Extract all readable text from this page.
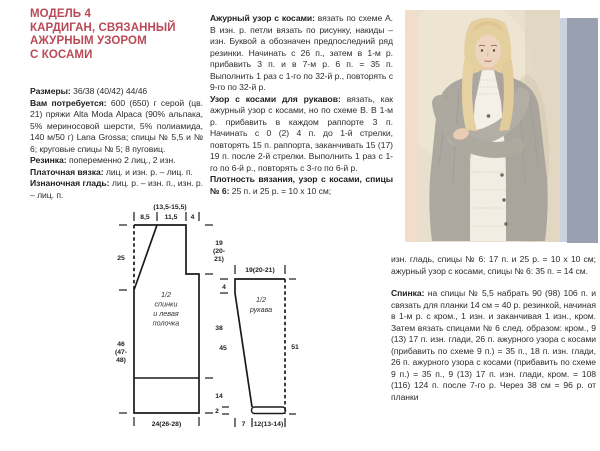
МОДЕЛЬ 4
КАРДИГАН, СВЯЗАННЫЙ
АЖУРНЫМ УЗОРОМ
С КОСАМИ

Размеры: 36/38 (40/42) 44/46

Вам потребуется: 600 (650) г серой (цв. 21) пряжи Alta Moda Alpaca (90% альпака, 5% мериносовой шерсти, 5% полиамида, 140 м/50 г) Lana Grossa; спицы № 5,5 и № 6; круговые спицы № 5; 8 пуговиц.

Резинка: попеременно 2 лиц., 2 изн.

Платочная вязка: лиц. и изн. р. – лиц. п.

Изнаночная гладь: лиц. р. – изн. п., изн. р. – лиц. п.

Ажурный узор с косами: вязать по схеме А. В изн. р. петли вязать по рисунку, накиды – изн. Буквой а обозначен предпоследний ряд резинки. Начинать с 26 п., затем в 1-м р. прибавить 3 п. и в 7-м р. 6 п. = 35 п. Выполнить 1 раз с 1-го по 32-й р., повторять с 9-го по 32-й р.

Узор с косами для рукавов: вязать, как ажурный узор с косами, но по схеме В. В 1-м р. прибавить в каждом раппорте 3 п. Начинать с 0 (2) 4 п. до 1-й стрелки, повторять 15 п. раппорта, заканчивать 15 (17) 19 п. после 2-й стрелки. Выполнить 1 раз с 1-го по 6-й р., повторять с 3-го по 6-й р.

Плотность вязания, узор с косами, спицы № 6: 25 п. и 25 р. = 10 х 10 см;

изн. гладь, спицы № 6: 17 п. и 25 р. = 10 х 10 см; ажурный узор с косами, спицы № 6: 35 п. = 14 см.

Спинка: на спицы № 5,5 набрать 90 (98) 106 п. и связать для планки 14 см = 40 р. резинкой, начиная в 1-м р. с кром., 1 изн. и заканчивая 1 изн., кром. Затем вязать спицами № 6 след. образом: кром., 9 (13) 17 п. изн. глади, 26 п. ажурного узора с косами (прибавить по схеме 9 п.) = 35 п., 18 п. изн. глади, 26 п. ажурного узора с косами (прибавить по схеме 9 п.) = 35 п., 9 (13) 17 п. изн. глади, кром. = 108 (116) 124 п. после 7-го р. Через 38 см = 96 р. от планки

(13,5-15,5)
8,5 11,5 4
25
46
(47-
48)
19
(20-
21)
38
14
24(26-28)
1/2
спинки
и левая
полочка
19(20-21)
4
45
2
51
7 12(13-14)
1/2
рукава
